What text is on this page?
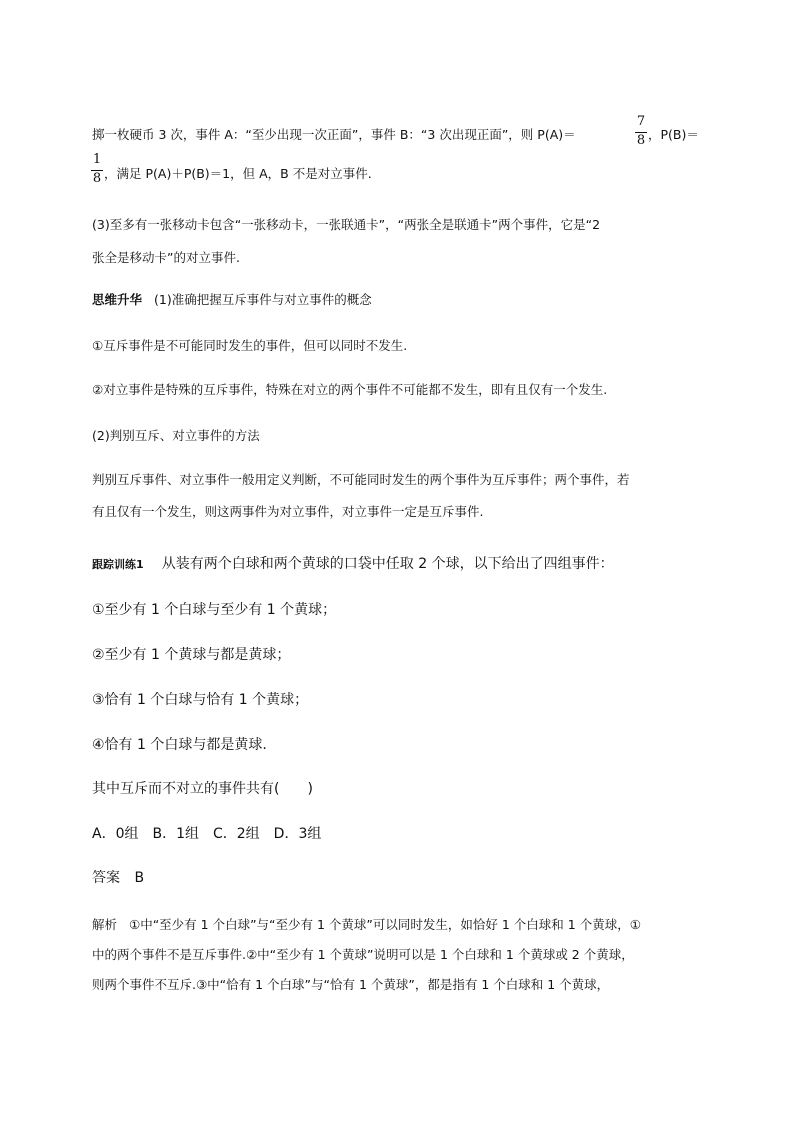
掷一枚硬币 3 次，事件 A：“至少出现一次正面”，事件 B：“3 次出现正面”，则 P(A)＝
7
8 ，P(B)＝
1
8 ，满足 P(A)＋P(B)＝1，但 A，B 不是对立事件.
(3)至多有一张移动卡包含“一张移动卡，一张联通卡”，“两张全是联通卡”两个事件，它是“2
张全是移动卡”的对立事件.
思维升华 (1)准确把握互斥事件与对立事件的概念
①互斥事件是不可能同时发生的事件，但可以同时不发生.
②对立事件是特殊的互斥事件，特殊在对立的两个事件不可能都不发生，即有且仅有一个发生.
(2)判别互斥、对立事件的方法
判别互斥事件、对立事件一般用定义判断，不可能同时发生的两个事件为互斥事件；两个事件，若
有且仅有一个发生，则这两事件为对立事件，对立事件一定是互斥事件.
跟踪训练1 从装有两个白球和两个黄球的口袋中任取 2 个球，以下给出了四组事件：
①至少有 1 个白球与至少有 1 个黄球；
②至少有 1 个黄球与都是黄球；
③恰有 1 个白球与恰有 1 个黄球；
④恰有 1 个白球与都是黄球.
其中互斥而不对立的事件共有(　　)
A．0组　B．1组　C．2组　D．3组
答案 B
解析 ①中“至少有 1 个白球”与“至少有 1 个黄球”可以同时发生，如恰好 1 个白球和 1 个黄球，①
中的两个事件不是互斥事件.②中“至少有 1 个黄球”说明可以是 1 个白球和 1 个黄球或 2 个黄球，
则两个事件不互斥.③中“恰有 1 个白球”与“恰有 1 个黄球”，都是指有 1 个白球和 1 个黄球，
